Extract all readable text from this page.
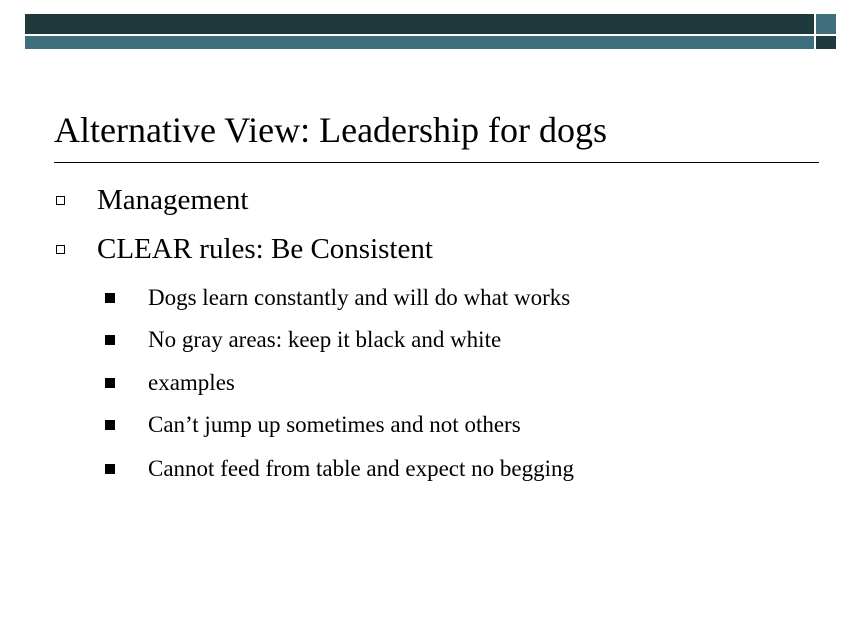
Alternative View: Leadership for dogs
Management
CLEAR rules: Be Consistent
Dogs learn constantly and will do what works
No gray areas: keep it black and white
examples
Can’t jump up sometimes and not others
Cannot feed from table and expect no begging
